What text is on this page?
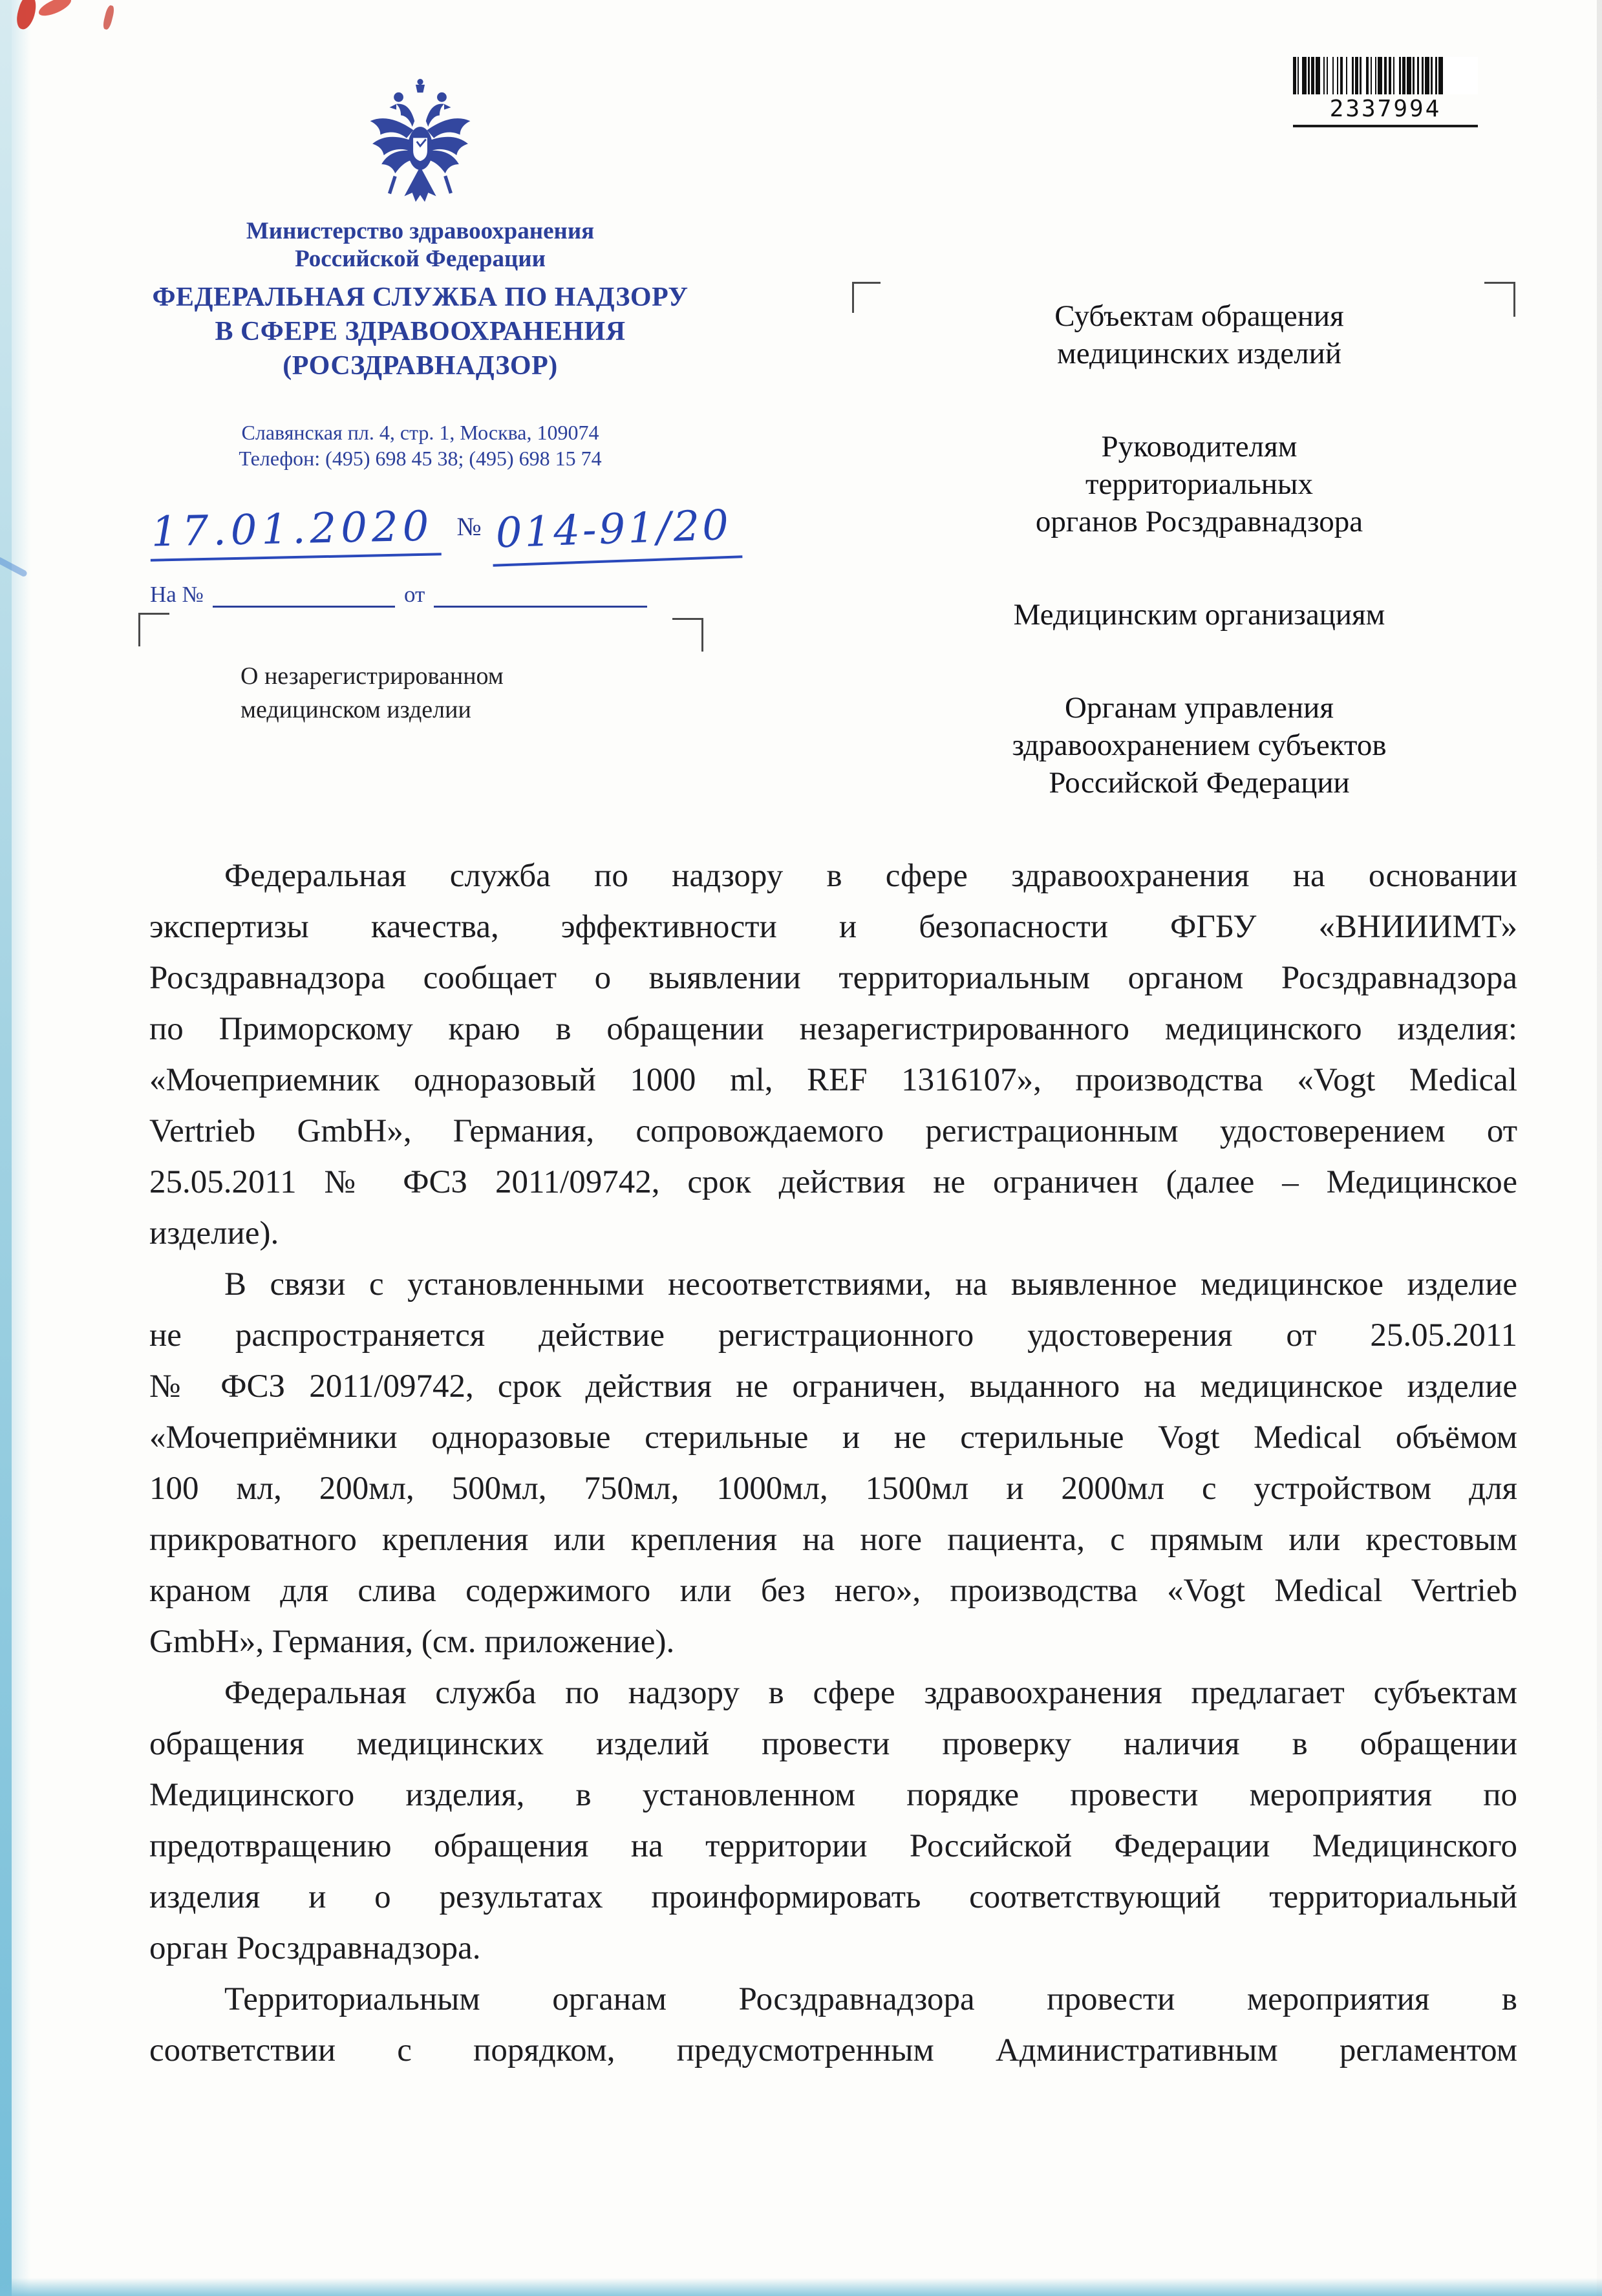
Министерство здравоохранения
Российской Федерации
ФЕДЕРАЛЬНАЯ СЛУЖБА ПО НАДЗОРУ
В СФЕРЕ ЗДРАВООХРАНЕНИЯ
(РОСЗДРАВНАДЗОР)
Славянская пл. 4, стр. 1, Москва, 109074
Телефон: (495) 698 45 38; (495) 698 15 74
17.01.2020 № 014-91/20
На №	от
О незарегистрированном
медицинском изделии
Субъектам обращения
медицинских изделий
Руководителям
территориальных
органов Росздравнадзора
Медицинским организациям
Органам управления
здравоохранением субъектов
Российской Федерации
2337994
Федеральная служба по надзору в сфере здравоохранения на основании
экспертизы качества, эффективности и безопасности ФГБУ «ВНИИИМТ»
Росздравнадзора сообщает о выявлении территориальным органом Росздравнадзора
по Приморскому краю в обращении незарегистрированного медицинского изделия:
«Мочеприемник одноразовый 1000 ml, REF 1316107», производства «Vogt Medical
Vertrieb GmbH», Германия, сопровождаемого регистрационным удостоверением от
25.05.2011 № ФСЗ 2011/09742, срок действия не ограничен (далее – Медицинское
изделие).
В связи с установленными несоответствиями, на выявленное медицинское изделие
не распространяется действие регистрационного удостоверения от 25.05.2011
№ ФСЗ 2011/09742, срок действия не ограничен, выданного на медицинское изделие
«Мочеприёмники одноразовые стерильные и не стерильные Vogt Medical объёмом
100 мл, 200мл, 500мл, 750мл, 1000мл, 1500мл и 2000мл с устройством для
прикроватного крепления или крепления на ноге пациента, с прямым или крестовым
краном для слива содержимого или без него», производства «Vogt Medical Vertrieb
GmbH», Германия, (см. приложение).
Федеральная служба по надзору в сфере здравоохранения предлагает субъектам
обращения медицинских изделий провести проверку наличия в обращении
Медицинского изделия, в установленном порядке провести мероприятия по
предотвращению обращения на территории Российской Федерации Медицинского
изделия и о результатах проинформировать соответствующий территориальный
орган Росздравнадзора.
Территориальным органам Росздравнадзора провести мероприятия в
соответствии с порядком, предусмотренным Административным регламентом
